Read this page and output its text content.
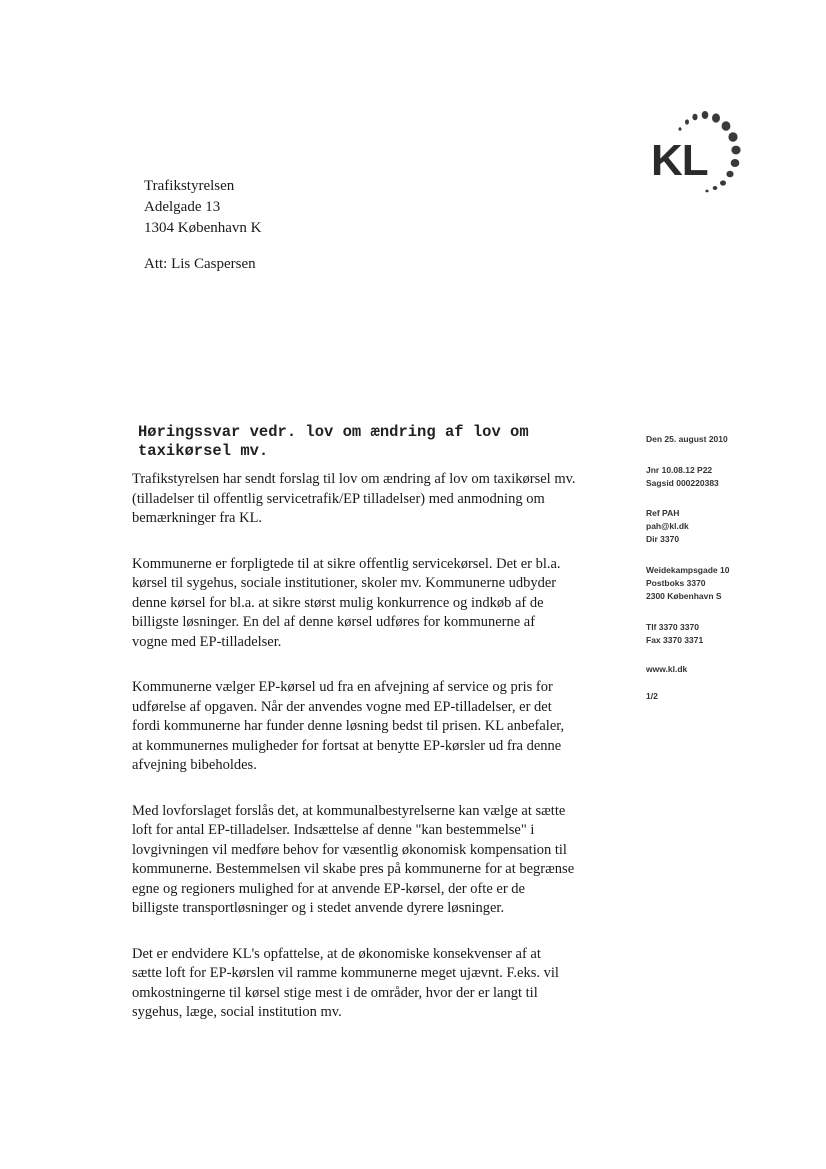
KL
Trafikstyrelsen
Adelgade 13
1304 København K
Att: Lis Caspersen
Høringssvar vedr. lov om ændring af lov om taxikørsel mv.
Trafikstyrelsen har sendt forslag til lov om ændring af lov om taxikørsel mv.
(tilladelser til offentlig servicetrafik/EP tilladelser) med anmodning om
bemærkninger fra KL.
Kommunerne er forpligtede til at sikre offentlig servicekørsel. Det er bl.a.
kørsel til sygehus, sociale institutioner, skoler mv. Kommunerne udbyder
denne kørsel for bl.a. at sikre størst mulig konkurrence og indkøb af de
billigste løsninger. En del af denne kørsel udføres for kommunerne af
vogne med EP-tilladelser.
Kommunerne vælger EP-kørsel ud fra en afvejning af service og pris for
udførelse af opgaven. Når der anvendes vogne med EP-tilladelser, er det
fordi kommunerne har funder denne løsning bedst til prisen. KL anbefaler,
at kommunernes muligheder for fortsat at benytte EP-kørsler ud fra denne
afvejning bibeholdes.
Med lovforslaget forslås det, at kommunalbestyrelserne kan vælge at sætte
loft for antal EP-tilladelser. Indsættelse af denne "kan bestemmelse" i
lovgivningen vil medføre behov for væsentlig økonomisk kompensation til
kommunerne. Bestemmelsen vil skabe pres på kommunerne for at begrænse
egne og regioners mulighed for at anvende EP-kørsel, der ofte er de
billigste transportløsninger og i stedet anvende dyrere løsninger.
Det er endvidere KL's opfattelse, at de økonomiske konsekvenser af at
sætte loft for EP-kørslen vil ramme kommunerne meget ujævnt. F.eks. vil
omkostningerne til kørsel stige mest i de områder, hvor der er langt til
sygehus, læge, social institution mv.
Den 25. august 2010
Jnr 10.08.12 P22
Sagsid 000220383
Ref PAH
pah@kl.dk
Dir 3370
Weidekampsgade 10
Postboks 3370
2300 København S
Tlf 3370 3370
Fax 3370 3371
www.kl.dk
1/2
